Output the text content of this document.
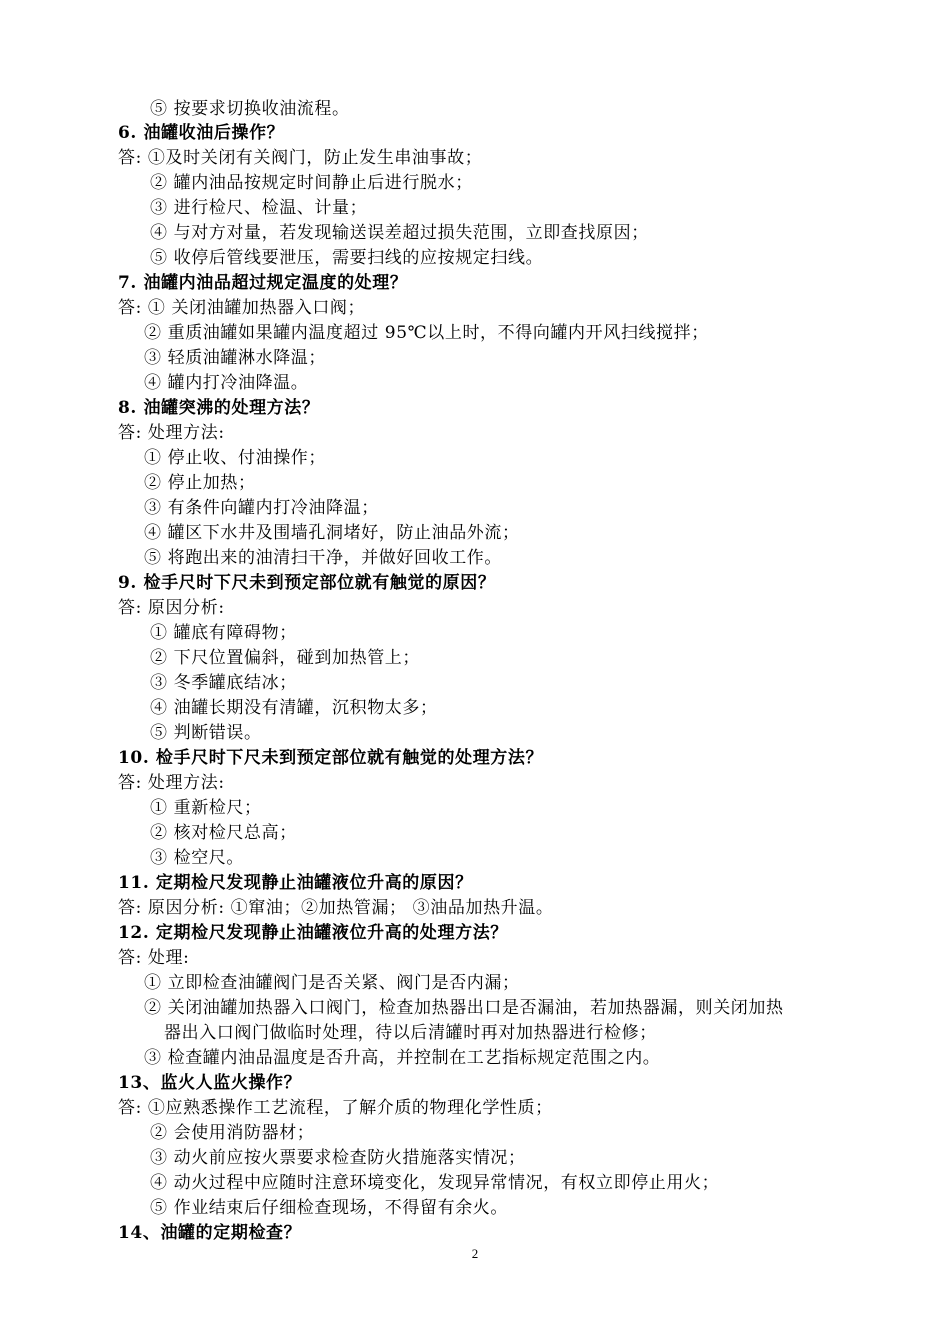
⑤ 按要求切换收油流程。
6. 油罐收油后操作？
答: ①及时关闭有关阀门，防止发生串油事故；
② 罐内油品按规定时间静止后进行脱水；
③ 进行检尺、检温、计量；
④ 与对方对量，若发现输送误差超过损失范围，立即查找原因；
⑤ 收停后管线要泄压，需要扫线的应按规定扫线。
7. 油罐内油品超过规定温度的处理？
答: ① 关闭油罐加热器入口阀；
② 重质油罐如果罐内温度超过 95℃以上时，不得向罐内开风扫线搅拌；
③ 轻质油罐淋水降温；
④ 罐内打冷油降温。
8. 油罐突沸的处理方法？
答: 处理方法:
① 停止收、付油操作；
② 停止加热；
③ 有条件向罐内打冷油降温；
④ 罐区下水井及围墙孔洞堵好，防止油品外流；
⑤ 将跑出来的油清扫干净，并做好回收工作。
9. 检手尺时下尺未到预定部位就有触觉的原因？
答: 原因分析:
① 罐底有障碍物；
② 下尺位置偏斜，碰到加热管上；
③ 冬季罐底结冰；
④ 油罐长期没有清罐，沉积物太多；
⑤ 判断错误。
10. 检手尺时下尺未到预定部位就有触觉的处理方法？
答: 处理方法:
① 重新检尺；
② 核对检尺总高；
③ 检空尺。
11. 定期检尺发现静止油罐液位升高的原因？
答: 原因分析: ①窜油；②加热管漏； ③油品加热升温。
12. 定期检尺发现静止油罐液位升高的处理方法？
答: 处理:
① 立即检查油罐阀门是否关紧、阀门是否内漏；
② 关闭油罐加热器入口阀门，检查加热器出口是否漏油，若加热器漏，则关闭加热
器出入口阀门做临时处理，待以后清罐时再对加热器进行检修；
③ 检查罐内油品温度是否升高，并控制在工艺指标规定范围之内。
13、监火人监火操作？
答: ①应熟悉操作工艺流程，了解介质的物理化学性质；
② 会使用消防器材；
③ 动火前应按火票要求检查防火措施落实情况；
④ 动火过程中应随时注意环境变化，发现异常情况，有权立即停止用火；
⑤ 作业结束后仔细检查现场，不得留有余火。
14、油罐的定期检查？
2
